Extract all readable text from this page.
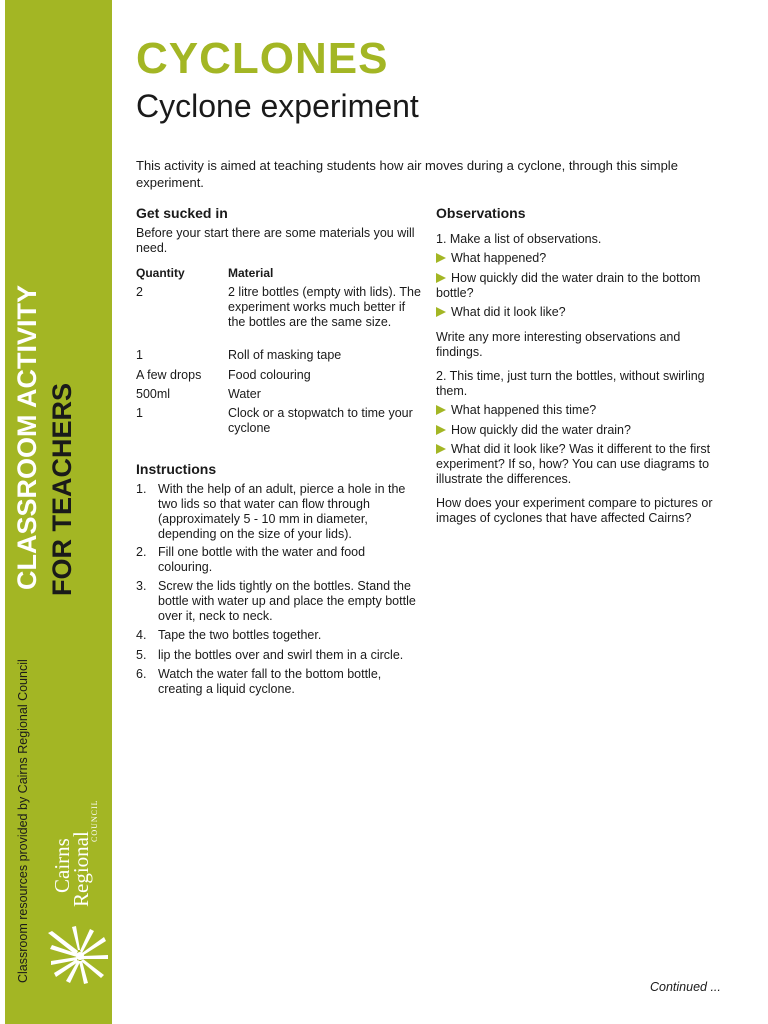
CLASSROOM ACTIVITY FOR TEACHERS
Classroom resources provided by Cairns Regional Council Cairns
Regional
COUNCIL
CYCLONES
Cyclone experiment
This activity is aimed at teaching students how air moves during a cyclone, through this simple experiment.
Get sucked in
Before your start there are some materials you will need.
Quantity	Material
2	2 litre bottles (empty with lids). The experiment works much better if the bottles are the same size.
1	Roll of masking tape
A few drops Food colouring
500ml	Water
1	Clock or a stopwatch to time your cyclone
Instructions
1. With the help of an adult, pierce a hole in the two lids so that water can flow through (approximately 5 - 10 mm in diameter, depending on the size of your lids).
2. Fill one bottle with the water and food colouring.
3. Screw the lids tightly on the bottles. Stand the bottle with water up and place the empty bottle over it, neck to neck.
4. Tape the two bottles together.
5. lip the bottles over and swirl them in a circle.
6. Watch the water fall to the bottom bottle, creating a liquid cyclone.
Observations
1. Make a list of observations.
What happened?
How quickly did the water drain to the bottom bottle?
What did it look like?
Write any more interesting observations and findings.
2. This time, just turn the bottles, without swirling them.
What happened this time?
How quickly did the water drain?
What did it look like? Was it different to the first experiment? If so, how? You can use diagrams to illustrate the differences.
How does your experiment compare to pictures or images of cyclones that have affected Cairns?
Continued ...
